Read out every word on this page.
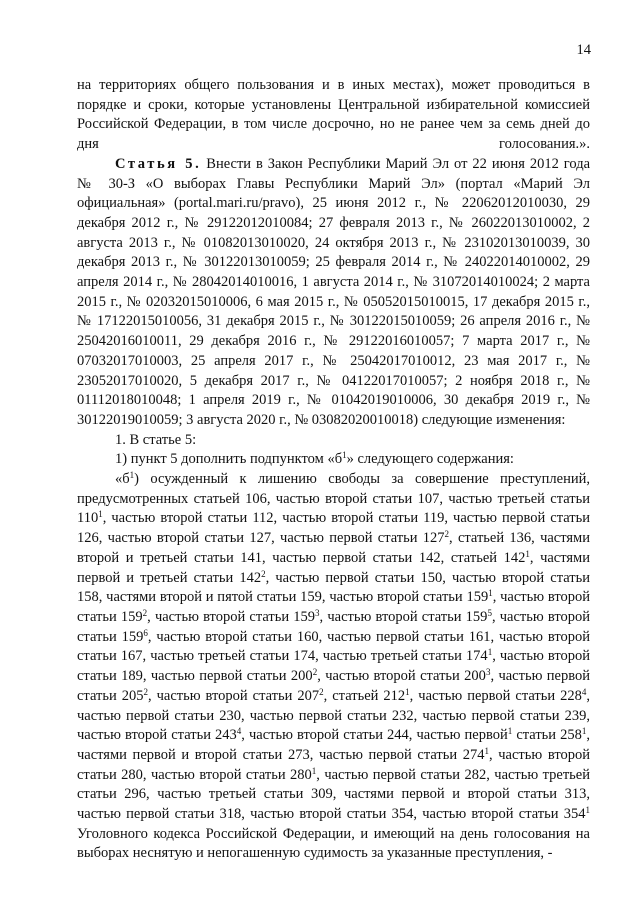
14

на территориях общего пользования и в иных местах), может проводиться в порядке и сроки, которые установлены Центральной избирательной комиссией Российской Федерации, в том числе досрочно, но не ранее чем за семь дней до дня голосования.».

Статья 5. Внести в Закон Республики Марий Эл от 22 июня 2012 года № 30-З «О выборах Главы Республики Марий Эл» (портал «Марий Эл официальная» (portal.mari.ru/pravo), 25 июня 2012 г., № 22062012010030, 29 декабря 2012 г., № 29122012010084; 27 февраля 2013 г., № 26022013010002, 2 августа 2013 г., № 01082013010020, 24 октября 2013 г., № 23102013010039, 30 декабря 2013 г., № 30122013010059; 25 февраля 2014 г., № 24022014010002, 29 апреля 2014 г., № 28042014010016, 1 августа 2014 г., № 31072014010024; 2 марта 2015 г., № 02032015010006, 6 мая 2015 г., № 05052015010015, 17 декабря 2015 г., № 17122015010056, 31 декабря 2015 г., № 30122015010059; 26 апреля 2016 г., № 25042016010011, 29 декабря 2016 г., № 29122016010057; 7 марта 2017 г., № 07032017010003, 25 апреля 2017 г., № 25042017010012, 23 мая 2017 г., № 23052017010020, 5 декабря 2017 г., № 04122017010057; 2 ноября 2018 г., № 01112018010048; 1 апреля 2019 г., № 01042019010006, 30 декабря 2019 г., № 30122019010059; 3 августа 2020 г., № 03082020010018) следующие изменения:

1. В статье 5:

1) пункт 5 дополнить подпунктом «$б^1$» следующего содержания:

«$б^1$) осужденный к лишению свободы за совершение преступлений, предусмотренных статьей 106, частью второй статьи 107, частью третьей статьи $110^1$, частью второй статьи 112, частью второй статьи 119, частью первой статьи 126, частью второй статьи 127, частью первой статьи $127^2$, статьей 136, частями второй и третьей статьи 141, частью первой статьи 142, статьей $142^1$, частями первой и третьей статьи $142^2$, частью первой статьи 150, частью второй статьи 158, частями второй и пятой статьи 159, частью второй статьи $159^1$, частью второй статьи $159^2$, частью второй статьи $159^3$, частью второй статьи $159^5$, частью второй статьи $159^6$, частью второй статьи 160, частью первой статьи 161, частью второй статьи 167, частью третьей статьи 174, частью третьей статьи $174^1$, частью второй статьи 189, частью первой статьи $200^2$, частью второй статьи $200^3$, частью первой статьи $205^2$, частью второй статьи $207^2$, статьей $212^1$, частью первой статьи $228^4$, частью первой статьи 230, частью первой статьи 232, частью первой статьи 239, частью второй статьи $243^4$, частью второй статьи 244, частью первой$^1$ статьи $258^1$, частями первой и второй статьи 273, частью первой статьи $274^1$, частью второй статьи 280, частью второй статьи $280^1$, частью первой статьи 282, частью третьей статьи 296, частью третьей статьи 309, частями первой и второй статьи 313, частью первой статьи 318, частью второй статьи 354, частью второй статьи $354^1$ Уголовного кодекса Российской Федерации, и имеющий на день голосования на выборах неснятую и непогашенную судимость за указанные преступления, -
